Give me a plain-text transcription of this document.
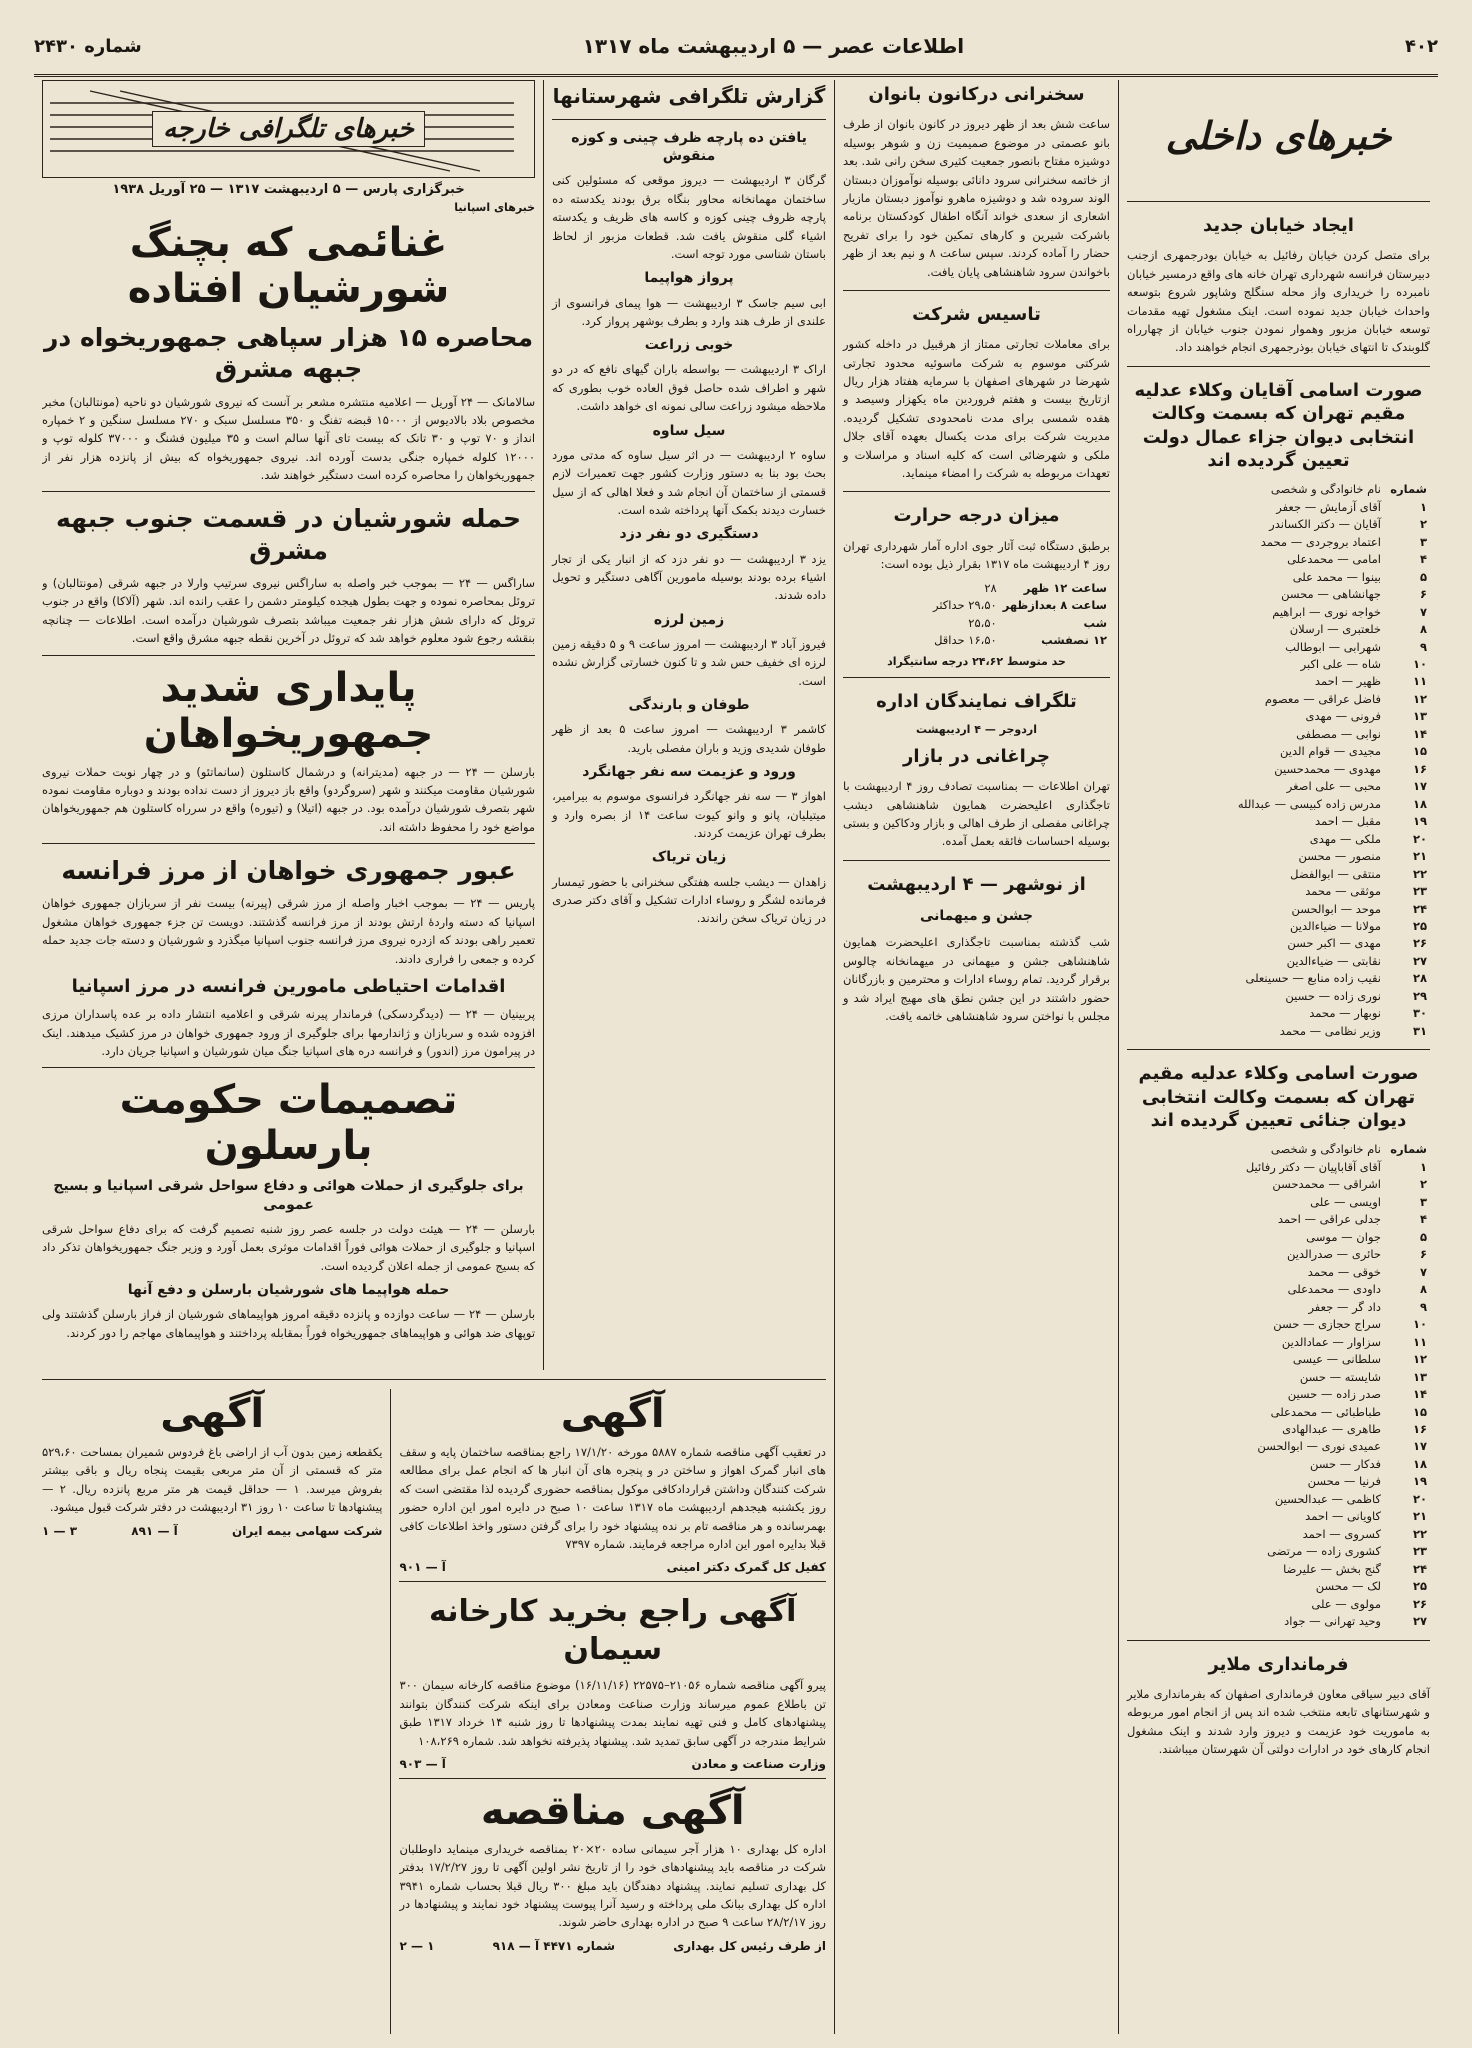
۴۰۲
اطلاعات عصر — ۵ اردیبهشت ماه ۱۳۱۷
شماره ۲۴۳۰
خبرهای داخلی
ایجاد خیابان جدید

برای متصل کردن خیابان رفائیل به خیابان بودرجمهری ازجنب دبیرستان فرانسه شهرداری تهران خانه های واقع درمسیر خیابان نامبرده را خریداری واز محله سنگلج وشاپور شروع بتوسعه واحداث خیابان جدید نموده است. اینک مشغول تهیه مقدمات توسعه خیابان مزبور وهموار نمودن جنوب خیابان از چهارراه گلوبندک تا انتهای خیابان بوذرجمهری انجام خواهند داد.

صورت اسامی آقایان وکلاء عدلیه مقیم تهران که بسمت وکالت انتخابی دیوان جزاء عمال دولت تعیین گردیده اند
شماره	نام خانوادگی و شخصی
۱	آقای آزمایش — جعفر
۲	آقایان — دکتر الکساندر
۳	اعتماد بروجردی — محمد
۴	امامی — محمدعلی
۵	بینوا — محمد علی
۶	جهانشاهی — محسن
۷	خواجه نوری — ابراهیم
۸	خلعتبری — ارسلان
۹	شهرابی — ابوطالب
۱۰	شاه — علی اکبر
۱۱	ظهیر — احمد
۱۲	فاضل عراقی — معصوم
۱۳	فرونی — مهدی
۱۴	نوابی — مصطفی
۱۵	مجیدی — قوام الدین
۱۶	مهدوی — محمدحسین
۱۷	محبی — علی اصغر
۱۸	مدرس زاده کبیسی — عبدالله
۱۹	مقبل — احمد
۲۰	ملکی — مهدی
۲۱	منصور — محسن
۲۲	منتقی — ابوالفضل
۲۳	موثقی — محمد
۲۴	موحد — ابوالحسن
۲۵	مولانا — ضیاءالدین
۲۶	مهدی — اکبر حسن
۲۷	نقابتی — ضیاءالدین
۲۸	نقیب زاده منابع — حسینعلی
۲۹	نوری زاده — حسین
۳۰	نوبهار — محمد
۳۱	وزیر نظامی — محمد
صورت اسامی وکلاء عدلیه مقیم تهران که بسمت وکالت انتخابی دیوان جنائی تعیین گردیده اند
شماره	نام خانوادگی و شخصی
۱	آقای آقاباپیان — دکتر رفائیل
۲	اشراقی — محمدحسن
۳	اویسی — علی
۴	جدلی عراقی — احمد
۵	جوان — موسی
۶	حائری — صدرالدین
۷	خوقی — محمد
۸	داودی — محمدعلی
۹	داد گر — جعفر
۱۰	سراج حجازی — حسن
۱۱	سزاوار — عمادالدین
۱۲	سلطانی — عیسی
۱۳	شایسته — حسن
۱۴	صدر زاده — حسین
۱۵	طباطبائی — محمدعلی
۱۶	طاهری — عبدالهادی
۱۷	عمیدی نوری — ابوالحسن
۱۸	فدکار — حسن
۱۹	فرنیا — محسن
۲۰	کاظمی — عبدالحسین
۲۱	کاویانی — احمد
۲۲	کسروی — احمد
۲۳	کشوری زاده — مرتضی
۲۴	گنج بخش — علیرضا
۲۵	لک — محسن
۲۶	مولوی — علی
۲۷	وحید تهرانی — جواد
فرمانداری ملایر

آقای دبیر سیاقی معاون فرمانداری اصفهان که بفرمانداری ملایر و شهرستانهای تابعه منتخب شده اند پس از انجام امور مربوطه به ماموریت خود عزیمت و دیروز وارد شدند و اینک مشغول انجام کارهای خود در ادارات دولتی آن شهرستان میباشند.

سخنرانی درکانون بانوان

ساعت شش بعد از ظهر دیروز در کانون بانوان از طرف بانو عصمتی در موضوع صمیمیت زن و شوهر بوسیله دوشیزه مفتاح بانصور جمعیت کثیری سخن رانی شد. بعد از خاتمه سخنرانی سرود دانائی بوسیله نوآموزان دبستان الوند سروده شد و دوشیزه ماهرو نوآموز دبستان مازیار اشعاری از سعدی خواند آنگاه اطفال کودکستان برنامه باشرکت شیرین و کارهای تمکین خود را برای تفریح حضار را آماده کردند. سپس ساعت ۸ و نیم بعد از ظهر باخواندن سرود شاهنشاهی پایان یافت.

تاسیس شرکت

برای معاملات تجارتی ممتاز از هرقبیل در داخله کشور شرکتی موسوم به شرکت ماسوئیه محدود تجارتی شهرضا در شهرهای اصفهان با سرمایه هفتاد هزار ریال ازتاریخ بیست و هفتم فروردین ماه یکهزار وسیصد و هفده شمسی برای مدت نامحدودی تشکیل گردیده. مدیریت شرکت برای مدت یکسال بعهده آقای جلال ملکی و شهرضائی است که کلیه اسناد و مراسلات و تعهدات مربوطه به شرکت را امضاء مینماید.

میزان درجه حرارت

برطبق دستگاه ثبت آثار جوی اداره آمار شهرداری تهران روز ۴ اردیبهشت ماه ۱۳۱۷ بقرار ذیل بوده است:

ساعت ۱۲ ظهر	۲۸
ساعت ۸ بعدازظهر	۲۹،۵۰ حداکثر
شب	۲۵،۵۰
۱۲ نصفشب	۱۶،۵۰ حداقل
حد متوسط ۲۴،۶۲ درجه سانتیگراد
تلگراف نمایندگان اداره
اردوجر — ۴ اردیبهشت
چراغانی در بازار

تهران اطلاعات — بمناسبت تصادف روز ۴ اردیبهشت با تاجگذاری اعلیحضرت همایون شاهنشاهی دیشب چراغانی مفصلی از طرف اهالی و بازار ودکاکین و بستی بوسیله احساسات فائقه بعمل آمده.

از نوشهر — ۴ اردیبهشت
جشن و میهمانی

شب گذشته بمناسبت تاجگذاری اعلیحضرت همایون شاهنشاهی جشن و میهمانی در میهمانخانه چالوس برقرار گردید. تمام روساء ادارات و محترمین و بازرگانان حضور داشتند در این جشن نطق های مهیج ایراد شد و مجلس با نواختن سرود شاهنشاهی خاتمه یافت.

گزارش تلگرافی شهرستانها
یافتن ده پارچه ظرف چینی و کوزه منقوش

گرگان ۳ اردیبهشت — دیروز موقعی که مسئولین کنی ساختمان مهمانخانه محاور بنگاه برق بودند یکدسته ده پارچه ظروف چینی کوزه و کاسه های ظریف و یکدسته اشیاء گلی منقوش یافت شد. قطعات مزبور از لحاظ باستان شناسی مورد توجه است.

پرواز هواپیما

ابی سیم جاسک ۳ اردیبهشت — هوا پیمای فرانسوی از علندی از طرف هند وارد و بطرف بوشهر پرواز کرد.

خوبی زراعت

اراک ۳ اردیبهشت — بواسطه باران گیهای نافع که در دو شهر و اطراف شده حاصل فوق العاده خوب بطوری که ملاحظه میشود زراعت سالی نمونه ای خواهد داشت.

سیل ساوه

ساوه ۲ اردیبهشت — در اثر سیل ساوه که مدتی مورد بحث بود بنا به دستور وزارت کشور جهت تعمیرات لازم قسمتی از ساختمان آن انجام شد و فعلا اهالی که از سیل خسارت دیدند بکمک آنها پرداخته شده است.

دستگیری دو نفر دزد

یزد ۳ اردیبهشت — دو نفر دزد که از انبار یکی از تجار اشیاء برده بودند بوسیله مامورین آگاهی دستگیر و تحویل داده شدند.

زمین لرزه

فیروز آباد ۳ اردیبهشت — امروز ساعت ۹ و ۵ دقیقه زمین لرزه ای خفیف حس شد و تا کنون خسارتی گزارش نشده است.

طوفان و بارندگی

کاشمر ۳ اردیبهشت — امروز ساعت ۵ بعد از ظهر طوفان شدیدی وزید و باران مفصلی بارید.

ورود و عزیمت سه نفر جهانگرد

اهواز ۳ — سه نفر جهانگرد فرانسوی موسوم به بیرامیر، میتیلیان، پانو و وانو کیوت ساعت ۱۴ از بصره وارد و بطرف تهران عزیمت کردند.

زیان تریاک

زاهدان — دیشب جلسه هفتگی سخنرانی با حضور تیمسار فرمانده لشگر و روساء ادارات تشکیل و آقای دکتر صدری در زیان تریاک سخن راندند.

خبرهای تلگرافی خارجه
خبرگزاری پارس — ۵ اردیبهشت ۱۳۱۷ — ۲۵ آوریل ۱۹۳۸
خبرهای اسپانیا
غنائمی که بچنگ شورشیان افتاده
محاصره ۱۵ هزار سپاهی جمهوریخواه در جبهه مشرق

سالامانک — ۲۴ آوریل — اعلامیه منتشره مشعر بر آنست که نیروی شورشیان دو ناحیه (مونتالبان) مخبر مخصوص بلاد بالادیوس از ۱۵۰۰۰ قبضه تفنگ و ۳۵۰ مسلسل سبک و ۲۷۰ مسلسل سنگین و ۲ خمپاره انداز و ۷۰ توپ و ۳۰ تانک که بیست تای آنها سالم است و ۳۵ میلیون فشنگ و ۳۷۰۰۰ کلوله توپ و ۱۲۰۰۰ کلوله خمپاره جنگی بدست آورده اند. نیروی جمهوریخواه که بیش از پانزده هزار نفر از جمهوریخواهان را محاصره کرده است دستگیر خواهند شد.

حمله شورشیان در قسمت جنوب جبهه مشرق

ساراگس — ۲۴ — بموجب خبر واصله به ساراگس نیروی سرتیپ وارلا در جبهه شرقی (مونتالبان) و تروئل بمحاصره نموده و جهت بطول هیجده کیلومتر دشمن را عقب رانده اند. شهر (آلاکا) واقع در جنوب تروئل که دارای شش هزار نفر جمعیت میباشد بتصرف شورشیان درآمده است. اطلاعات — چنانچه بنقشه رجوع شود معلوم خواهد شد که تروئل در آخرین نقطه جبهه مشرق واقع است.

پایداری شدید جمهوریخواهان

بارسلن — ۲۴ — در جبهه (مدیترانه) و درشمال کاستلون (سانماتئو) و در چهار نوبت حملات نیروی شورشیان مقاومت میکنند و شهر (سروگردو) واقع باز دیروز از دست نداده بودند و دوباره مقاومت نموده شهر بتصرف شورشیان درآمده بود. در جبهه (اتیلا) و (تیوره) واقع در سرراه کاستلون هم جمهوریخواهان مواضع خود را محفوظ داشته اند.

عبور جمهوری خواهان از مرز فرانسه

پاریس — ۲۴ — بموجب اخبار واصله از مرز شرقی (پیرنه) بیست نفر از سربازان جمهوری خواهان اسپانیا که دسته واردهٔ ارتش بودند از مرز فرانسه گذشتند. دویست تن جزء جمهوری خواهان مشغول تعمیر راهی بودند که ازدره نیروی مرز فرانسه جنوب اسپانیا میگذرد و شورشیان و دسته جات جدید حمله کرده و جمعی را فراری دادند.

اقدامات احتیاطی مامورین فرانسه در مرز اسپانیا

پربینیان — ۲۴ — (دیدگردسکی) فرماندار پیرنه شرقی و اعلامیه انتشار داده بر عده پاسداران مرزی افزوده شده و سربازان و ژاندارمها برای جلوگیری از ورود جمهوری خواهان در مرز کشیک میدهند. اینک در پیرامون مرز (اندور) و فرانسه دره های اسپانیا جنگ میان شورشیان و اسپانیا جریان دارد.

تصمیمات حکومت بارسلون
برای جلوگیری از حملات هوائی و دفاع سواحل شرقی اسپانیا و بسیج عمومی

بارسلن — ۲۴ — هیئت دولت در جلسه عصر روز شنبه تصمیم گرفت که برای دفاع سواحل شرقی اسپانیا و جلوگیری از حملات هوائی فوراً اقدامات موثری بعمل آورد و وزیر جنگ جمهوریخواهان تذکر داد که بسیج عمومی از جمله اعلان گردیده است.

حمله هواپیما های شورشیان بارسلن و دفع آنها

بارسلن — ۲۴ — ساعت دوازده و پانزده دقیقه امروز هواپیماهای شورشیان از فراز بارسلن گذشتند ولی توپهای ضد هوائی و هواپیماهای جمهوریخواه فوراً بمقابله پرداختند و هواپیماهای مهاجم را دور کردند.

آگهی

در تعقیب آگهی مناقصه شماره ۵۸۸۷ مورخه ۱۷/۱/۲۰ راجع بمناقصه ساختمان پایه و سقف های انبار گمرک اهواز و ساختن در و پنجره های آن انبار ها که انجام عمل برای مطالعه شرکت کنندگان وداشتن قراردادکافی موکول بمناقصه حضوری گردیده لذا مقتضی است که روز یکشنبه هیجدهم اردیبهشت ماه ۱۳۱۷ ساعت ۱۰ صبح در دایره امور این اداره حضور بهمرسانده و هر مناقصه تام بر نده پیشنهاد خود را برای گرفتن دستور واخذ اطلاعات کافی قبلا بدایره امور این اداره مراجعه فرمایند. شماره ۷۳۹۷

کفیل کل گمرک دکتر امینی
آ — ۹۰۱
آگهی راجع بخرید کارخانه سیمان

پیرو آگهی مناقصه شماره ۲۱۰۵۶–۲۲۵۷۵ (۱۶/۱۱/۱۶) موضوع مناقصه کارخانه سیمان ۳۰۰ تن باطلاع عموم میرساند وزارت صناعت ومعادن برای اینکه شرکت کنندگان بتوانند پیشنهادهای کامل و فنی تهیه نمایند بمدت پیشنهادها تا روز شنبه ۱۴ خرداد ۱۳۱۷ طبق شرایط مندرجه در آگهی سابق تمدید شد. پیشنهاد پذیرفته نخواهد شد. شماره ۱۰۸،۲۶۹

وزارت صناعت و معادن
آ — ۹۰۳
آگهی مناقصه

اداره کل بهداری ۱۰ هزار آجر سیمانی ساده ۲۰×۲۰ بمناقصه خریداری مینماید داوطلبان شرکت در مناقصه باید پیشنهادهای خود را از تاریخ نشر اولین آگهی تا روز ۱۷/۲/۲۷ بدفتر کل بهداری تسلیم نمایند. پیشنهاد دهندگان باید مبلغ ۳۰۰ ریال قبلا بحساب شماره ۳۹۴۱ اداره کل بهداری ببانک ملی پرداخته و رسید آنرا پیوست پیشنهاد خود نمایند و پیشنهادها در روز ۲۸/۲/۱۷ ساعت ۹ صبح در اداره بهداری حاضر شوند.

از طرف رئیس کل بهداری
شماره ۴۴۷۱ آ — ۹۱۸
۱ — ۲
آگهی

یکقطعه زمین بدون آب از اراضی باغ فردوس شمیران بمساحت ۵۲۹،۶۰ متر که قسمتی از آن متر مربعی بقیمت پنجاه ریال و باقی بیشتر بفروش میرسد. ۱ — حداقل قیمت هر متر مربع پانزده ریال. ۲ — پیشنهادها تا ساعت ۱۰ روز ۳۱ اردیبهشت در دفتر شرکت قبول میشود.

شرکت سهامی بیمه ایران
آ — ۸۹۱
۳ — ۱
